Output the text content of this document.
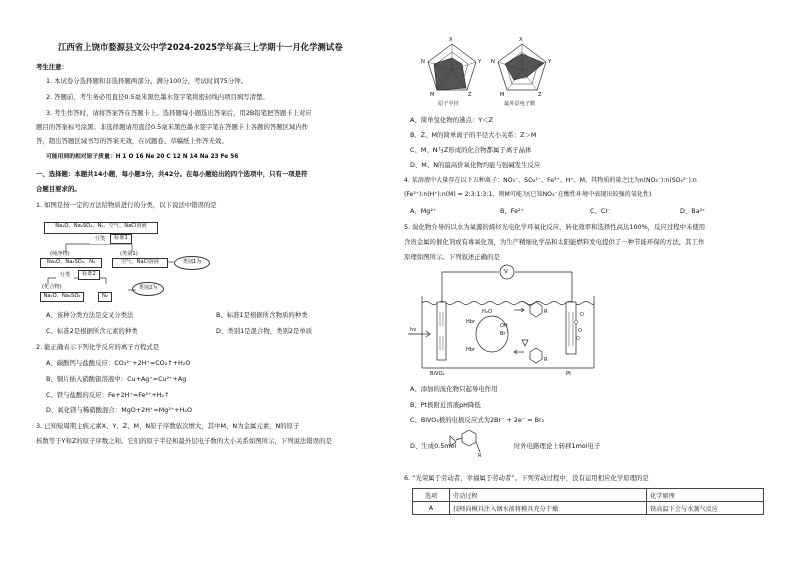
江西省上饶市婺源县文公中学2024-2025学年高三上学期十一月化学测试卷
考生注意：
1. 本试卷分选择题和非选择题两部分。满分100分，考试时间75分钟。
2. 答题前，考生务必用直径0.5毫米黑色墨水签字笔将密封线内项目填写清楚。
3. 考生作答时，请将答案答在答题卡上。选择题每小题选出答案后，用2B铅笔把答题卡上对应
题目的答案标号涂黑；非选择题请用直径0.5毫米黑色墨水签字笔在答题卡上各题的答题区域内作
答，超出答题区域书写的答案无效，在试题卷、草稿纸上作答无效。
可能用到的相对原子质量：H 1 O 16 Ne 20 C 12 N 14 Na 23 Fe 56
一、选择题：本题共14小题，每小题3分，共42分。在每小题给出的四个选项中，只有一项是符
合题目要求的。
1. 如图是按一定的方法给物质进行的分类，以下说法中错误的是
Na₂O、Na₂SO₄、N₂、空气、NaCl溶液
分类	标准1
(纯净物)
Na₂O、Na₂SO₄、N₂
(类别1)
空气、NaCl溶液	类别1为
分类	标准2
(化合物)
Na₂O、Na₂SO₄
类别2为
N₂
A、该种分类方法是交叉分类法	B、标准1是根据所含物质的种类
C、标准2是根据所含元素的种类	D、类别1是混合物，类别2是单质
2. 能正确表示下列化学反应的离子方程式是
A、碳酸钙与盐酸反应：CO₃²⁻+2H⁺=CO₂↑+H₂O
B、铜片插入硝酸银溶液中：Cu+Ag⁺=Cu²⁺+Ag
C、铁与盐酸的反应：Fe+2H⁺=Fe²⁺+H₂↑
D、氧化镁与稀硝酸混合：MgO+2H⁺=Mg²⁺+H₂O
3. 已知短周期主族元素X、Y、Z、M、N原子序数依次增大，其中M、N为金属元素，N的原子
核数等于Y和Z的原子序数之和。它们的原子半径和最外层电子数的大小关系如图所示，下列说法错误的是
X
Y
Z
M
N
原子半径
X
Y
Z
M
N
最外层电子数
A、简单氢化物的沸点：Y＜Z
B、Z、M的简单离子的半径大小关系：Z＞M
C、M、N与Z形成的化合物都属于离子晶体
D、M、N的最高价氧化物均能与强碱发生反应
4. 某溶液中大量存在以下五种离子：NO₃⁻、SO₄²⁻、Fe³⁺、H⁺、M，其物质的量之比为n(NO₃⁻):n(SO₄²⁻):n
(Fe³⁺):n(H⁺):n(M) = 2:3:1:3:1，则M可能为(已知NO₃⁻在酸性环境中表现出较强的氧化性)
A、Mg²⁺	B、Fe²⁺	C、Cl⁻	D、Ba²⁺
5. 溴化物介导的以水为氧源的烯烃光电化学环氧化反应，转化效率和选择性高达100%，反应过程中未使用
含贵金属的催化剂或有毒氧化剂，为生产精细化学品和太阳能燃料发电提供了一种节能环保的方法，其工作
原理如图所示。下列叙述正确的是
V
hν
H₂O
Hbr
Hbr
R
R
OH
Br
BiVO₄	Pt
A、添加的溴化物只起导电作用
B、Pt极附近溶液pH降低
C、BiVO₄极的电极反应式为2Br⁻ + 2e⁻ = Br₂
D、生成0.5mol
R
时外电路理论上转移1mol电子
6. “光荣属于劳动者，幸福属于劳动者”。下列劳动过程中，没有运用相应化学原理的是
选项	劳动过程	化学原理
A	技师向模具注入钢水前将模具充分干燥	铁高温下会与水蒸气反应
